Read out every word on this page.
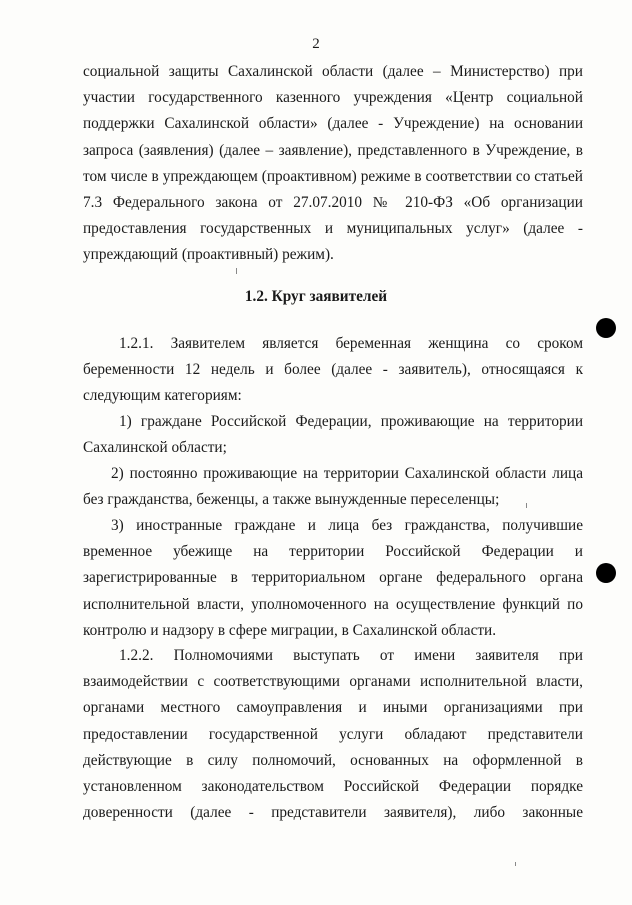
2
социальной защиты Сахалинской области (далее – Министерство) при
участии государственного казенного учреждения «Центр социальной
поддержки Сахалинской области» (далее - Учреждение) на основании
запроса (заявления) (далее – заявление), представленного в Учреждение, в
том числе в упреждающем (проактивном) режиме в соответствии со статьей
7.3 Федерального закона от 27.07.2010 № 210-ФЗ «Об организации
предоставления государственных и муниципальных услуг» (далее -
упреждающий (проактивный) режим).
1.2. Круг заявителей
1.2.1. Заявителем является беременная женщина со сроком
беременности 12 недель и более (далее - заявитель), относящаяся к
следующим категориям:
1) граждане Российской Федерации, проживающие на территории
Сахалинской области;
2) постоянно проживающие на территории Сахалинской области лица
без гражданства, беженцы, а также вынужденные переселенцы;
3) иностранные граждане и лица без гражданства, получившие
временное убежище на территории Российской Федерации и
зарегистрированные в территориальном органе федерального органа
исполнительной власти, уполномоченного на осуществление функций по
контролю и надзору в сфере миграции, в Сахалинской области.
1.2.2. Полномочиями выступать от имени заявителя при
взаимодействии с соответствующими органами исполнительной власти,
органами местного самоуправления и иными организациями при
предоставлении государственной услуги обладают представители
действующие в силу полномочий, основанных на оформленной в
установленном законодательством Российской Федерации порядке
доверенности (далее - представители заявителя), либо законные
